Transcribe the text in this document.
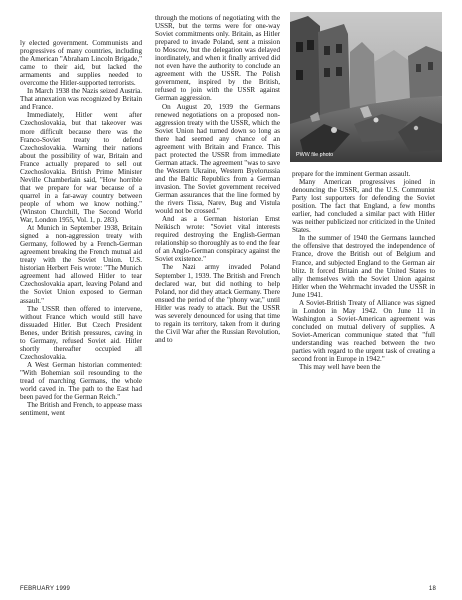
ly elected government. Communists and progressives of many countries, including the American "Abraham Lincoln Brigade," came to their aid, but lacked the armaments and supplies needed to overcome the Hitler-supported terrorists.

In March 1938 the Nazis seized Austria. That annexation was recognized by Britain and France.

Immediately, Hitler went after Czechoslovakia, but that takeover was more difficult because there was the Franco-Soviet treaty to defend Czechoslovakia. Warning their nations about the possibility of war, Britain and France actually prepared to sell out Czechoslovakia. British Prime Minister Neville Chamberlain said, "How horrible that we prepare for war because of a quarrel in a far-away country between people of whom we know nothing." (Winston Churchill, The Second World War, London 1955, Vol. 1, p. 283).

At Munich in September 1938, Britain signed a non-aggression treaty with Germany, followed by a French-German agreement breaking the French mutual aid treaty with the Soviet Union. U.S. historian Herbert Feis wrote: "The Munich agreement had allowed Hitler to tear Czechoslovakia apart, leaving Poland and the Soviet Union exposed to German assault."

The USSR then offered to intervene, without France which would still have dissuaded Hitler. But Czech President Benes, under British pressures, caving in to Germany, refused Soviet aid. Hitler shortly thereafter occupied all Czechoslovakia.

A West German historian commented: "With Bohemian soil resounding to the tread of marching Germans, the whole world caved in. The path to the East had been paved for the German Reich."

The British and French, to appease mass sentiment, went

through the motions of negotiating with the USSR, but the terms were for one-way Soviet commitments only. Britain, as Hitler prepared to invade Poland, sent a mission to Moscow, but the delegation was delayed inordinately, and when it finally arrived did not even have the authority to conclude an agreement with the USSR. The Polish government, inspired by the British, refused to join with the USSR against German aggression.

On August 20, 1939 the Germans renewed negotiations on a proposed non-aggression treaty with the USSR, which the Soviet Union had turned down so long as there had seemed any chance of an agreement with Britain and France. This pact protected the USSR from immediate German attack. The agreement "was to save the Western Ukraine, Western Byelorussia and the Baltic Republics from a German invasion. The Soviet government received German assurances that the line formed by the rivers Tissa, Narev, Bug and Vistula would not be crossed."

And as a German historian Ernst Neikisch wrote: "Soviet vital interests required destroying the English-German relationship so thoroughly as to end the fear of an Anglo-German conspiracy against the Soviet existence."

The Nazi army invaded Poland September 1, 1939. The British and French declared war, but did nothing to help Poland, nor did they attack Germany. There ensued the period of the "phony war," until Hitler was ready to attack. But the USSR was severely denounced for using that time to regain its territory, taken from it during the Civil War after the Russian Revolution, and to

PWW file photo

prepare for the imminent German assault.

Many American progressives joined in denouncing the USSR, and the U.S. Communist Party lost supporters for defending the Soviet position. The fact that England, a few months earlier, had concluded a similar pact with Hitler was neither publicized nor criticized in the United States.

In the summer of 1940 the Germans launched the offensive that destroyed the independence of France, drove the British out of Belgium and France, and subjected England to the German air blitz. It forced Britain and the United States to ally themselves with the Soviet Union against Hitler when the Wehrmacht invaded the USSR in June 1941.

A Soviet-British Treaty of Alliance was signed in London in May 1942. On June 11 in Washington a Soviet-American agreement was concluded on mutual delivery of supplies. A Soviet-American communique stated that "full understanding was reached between the two parties with regard to the urgent task of creating a second front in Europe in 1942."

This may well have been the

FEBRUARY 1999	18
